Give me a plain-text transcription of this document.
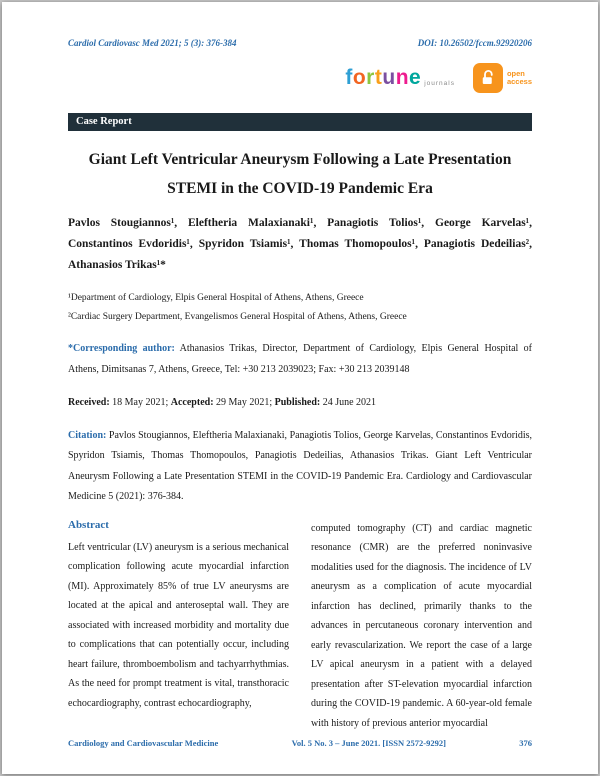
Cardiol Cardiovasc Med 2021; 5 (3): 376-384	DOI: 10.26502/fccm.92920206
fortune journals
open
access
Case Report
Giant Left Ventricular Aneurysm Following a Late Presentation STEMI in the COVID-19 Pandemic Era

Pavlos Stougiannos¹, Eleftheria Malaxianaki¹, Panagiotis Tolios¹, George Karvelas¹, Constantinos Evdoridis¹, Spyridon Tsiamis¹, Thomas Thomopoulos¹, Panagiotis Dedeilias², Athanasios Trikas¹*

¹Department of Cardiology, Elpis General Hospital of Athens, Athens, Greece

²Cardiac Surgery Department, Evangelismos General Hospital of Athens, Athens, Greece

*Corresponding author: Athanasios Trikas, Director, Department of Cardiology, Elpis General Hospital of Athens, Dimitsanas 7, Athens, Greece, Tel: +30 213 2039023; Fax: +30 213 2039148

Received: 18 May 2021; Accepted: 29 May 2021; Published: 24 June 2021

Citation: Pavlos Stougiannos, Eleftheria Malaxianaki, Panagiotis Tolios, George Karvelas, Constantinos Evdoridis, Spyridon Tsiamis, Thomas Thomopoulos, Panagiotis Dedeilias, Athanasios Trikas. Giant Left Ventricular Aneurysm Following a Late Presentation STEMI in the COVID-19 Pandemic Era. Cardiology and Cardiovascular Medicine 5 (2021): 376-384.

Abstract

Left ventricular (LV) aneurysm is a serious mechanical complication following acute myocardial infarction (MI). Approximately 85% of true LV aneurysms are located at the apical and anteroseptal wall. They are associated with increased morbidity and mortality due to complications that can potentially occur, including heart failure, thromboembolism and tachyarrhythmias. As the need for prompt treatment is vital, transthoracic echocardiography, contrast echocardiography,

computed tomography (CT) and cardiac magnetic resonance (CMR) are the preferred noninvasive modalities used for the diagnosis. The incidence of LV aneurysm as a complication of acute myocardial infarction has declined, primarily thanks to the advances in percutaneous coronary intervention and early revascularization. We report the case of a large LV apical aneurysm in a patient with a delayed presentation after ST-elevation myocardial infarction during the COVID-19 pandemic. A 60-year-old female with history of previous anterior myocardial

Cardiology and Cardiovascular Medicine	Vol. 5 No. 3 – June 2021. [ISSN 2572-9292]	376
